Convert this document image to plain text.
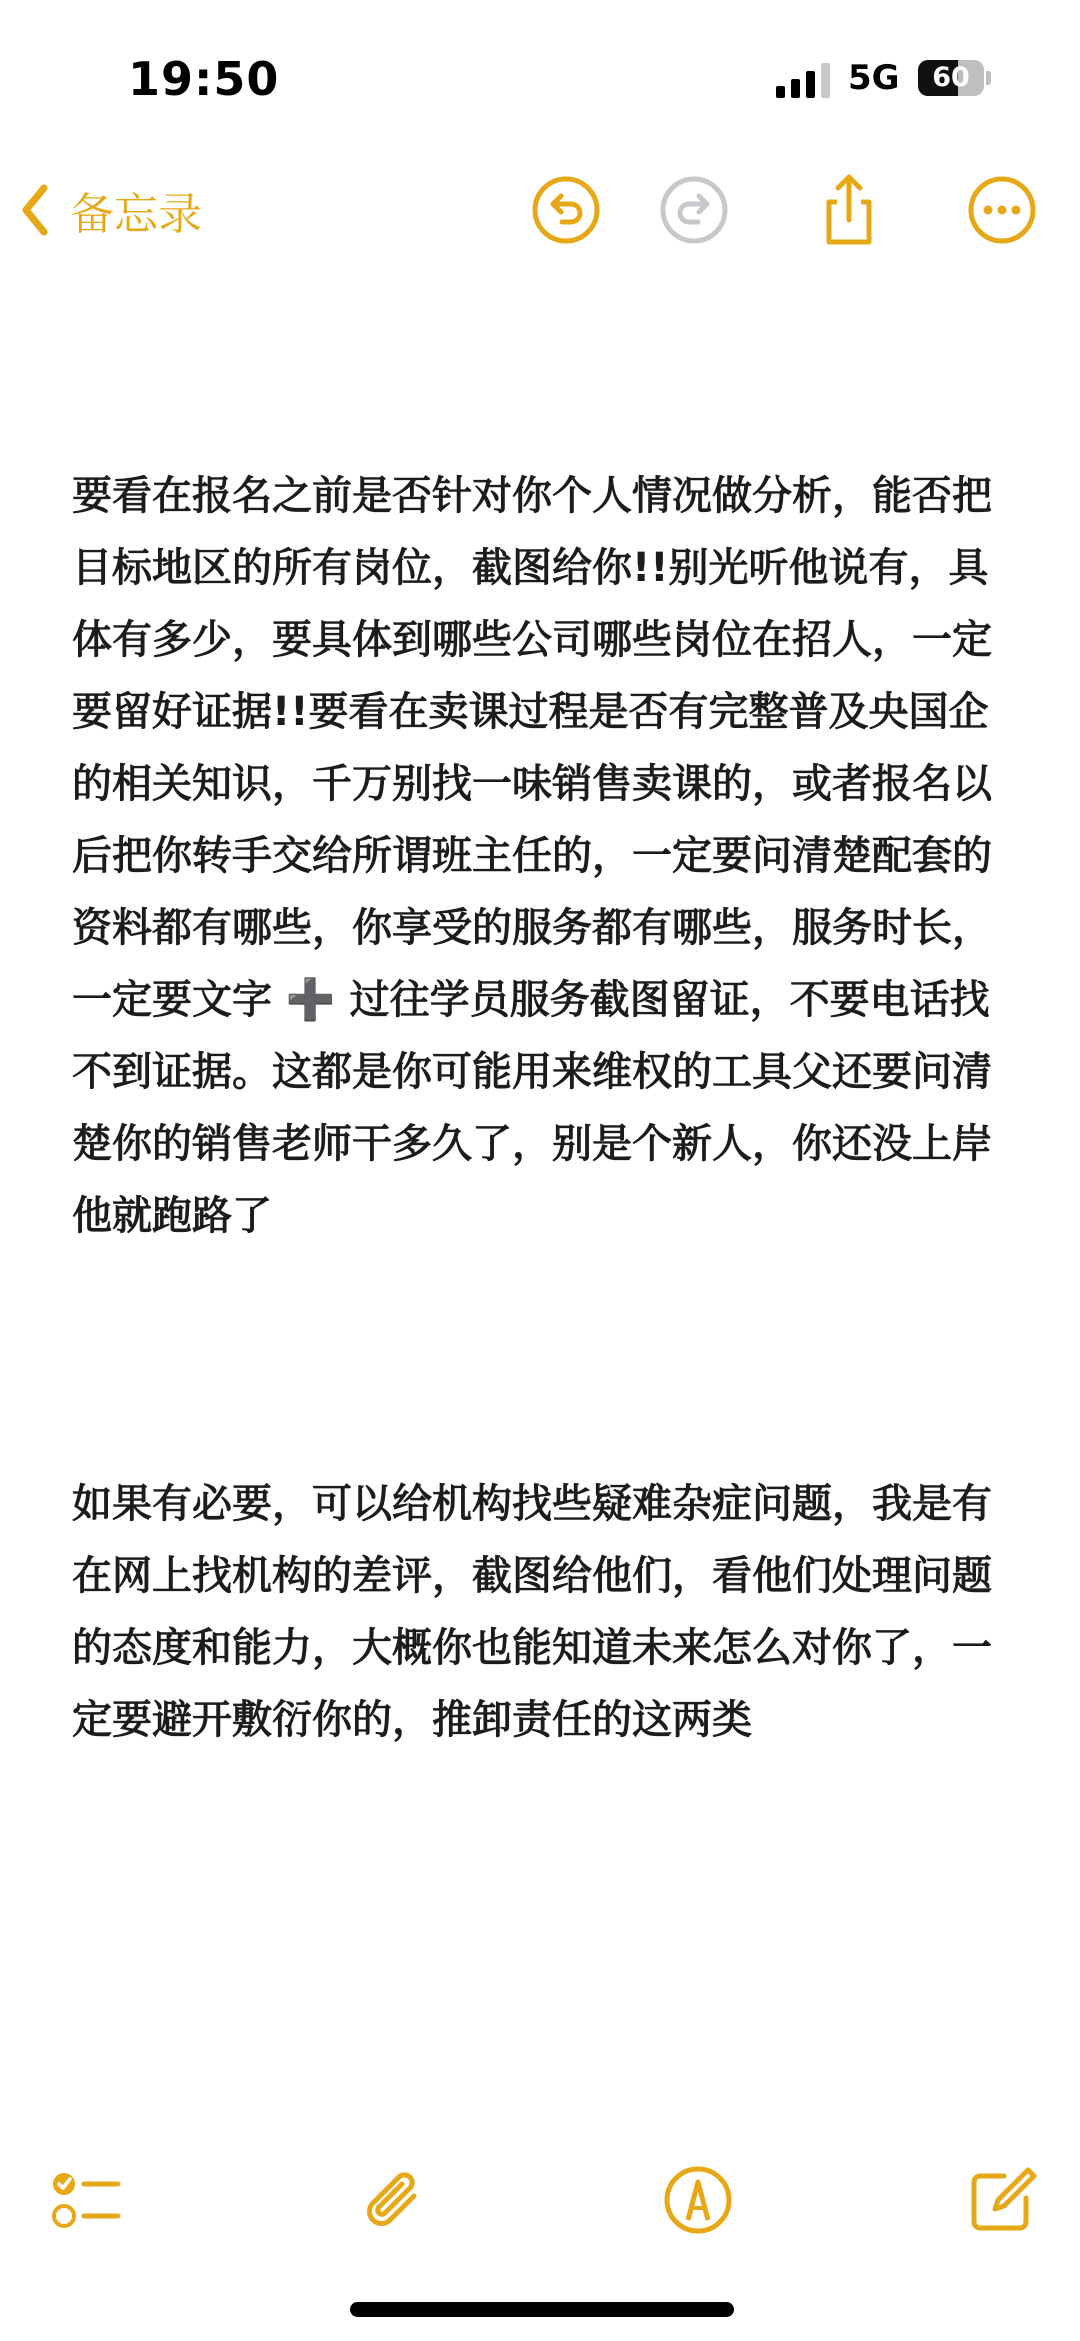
19:50	5G	60
备忘录
要看在报名之前是否针对你个人情况做分析，能否把目标地区的所有岗位，截图给你!!别光听他说有，具体有多少，要具体到哪些公司哪些岗位在招人，一定要留好证据!!要看在卖课过程是否有完整普及央国企的相关知识，千万别找一味销售卖课的，或者报名以后把你转手交给所谓班主任的，一定要问清楚配套的资料都有哪些，你享受的服务都有哪些，服务时长，一定要文字 ➕ 过往学员服务截图留证，不要电话找不到证据。这都是你可能用来维权的工具父还要问清楚你的销售老师干多久了，别是个新人，你还没上岸他就跑路了
如果有必要，可以给机构找些疑难杂症问题，我是有在网上找机构的差评，截图给他们，看他们处理问题的态度和能力，大概你也能知道未来怎么对你了，一定要避开敷衍你的，推卸责任的这两类
